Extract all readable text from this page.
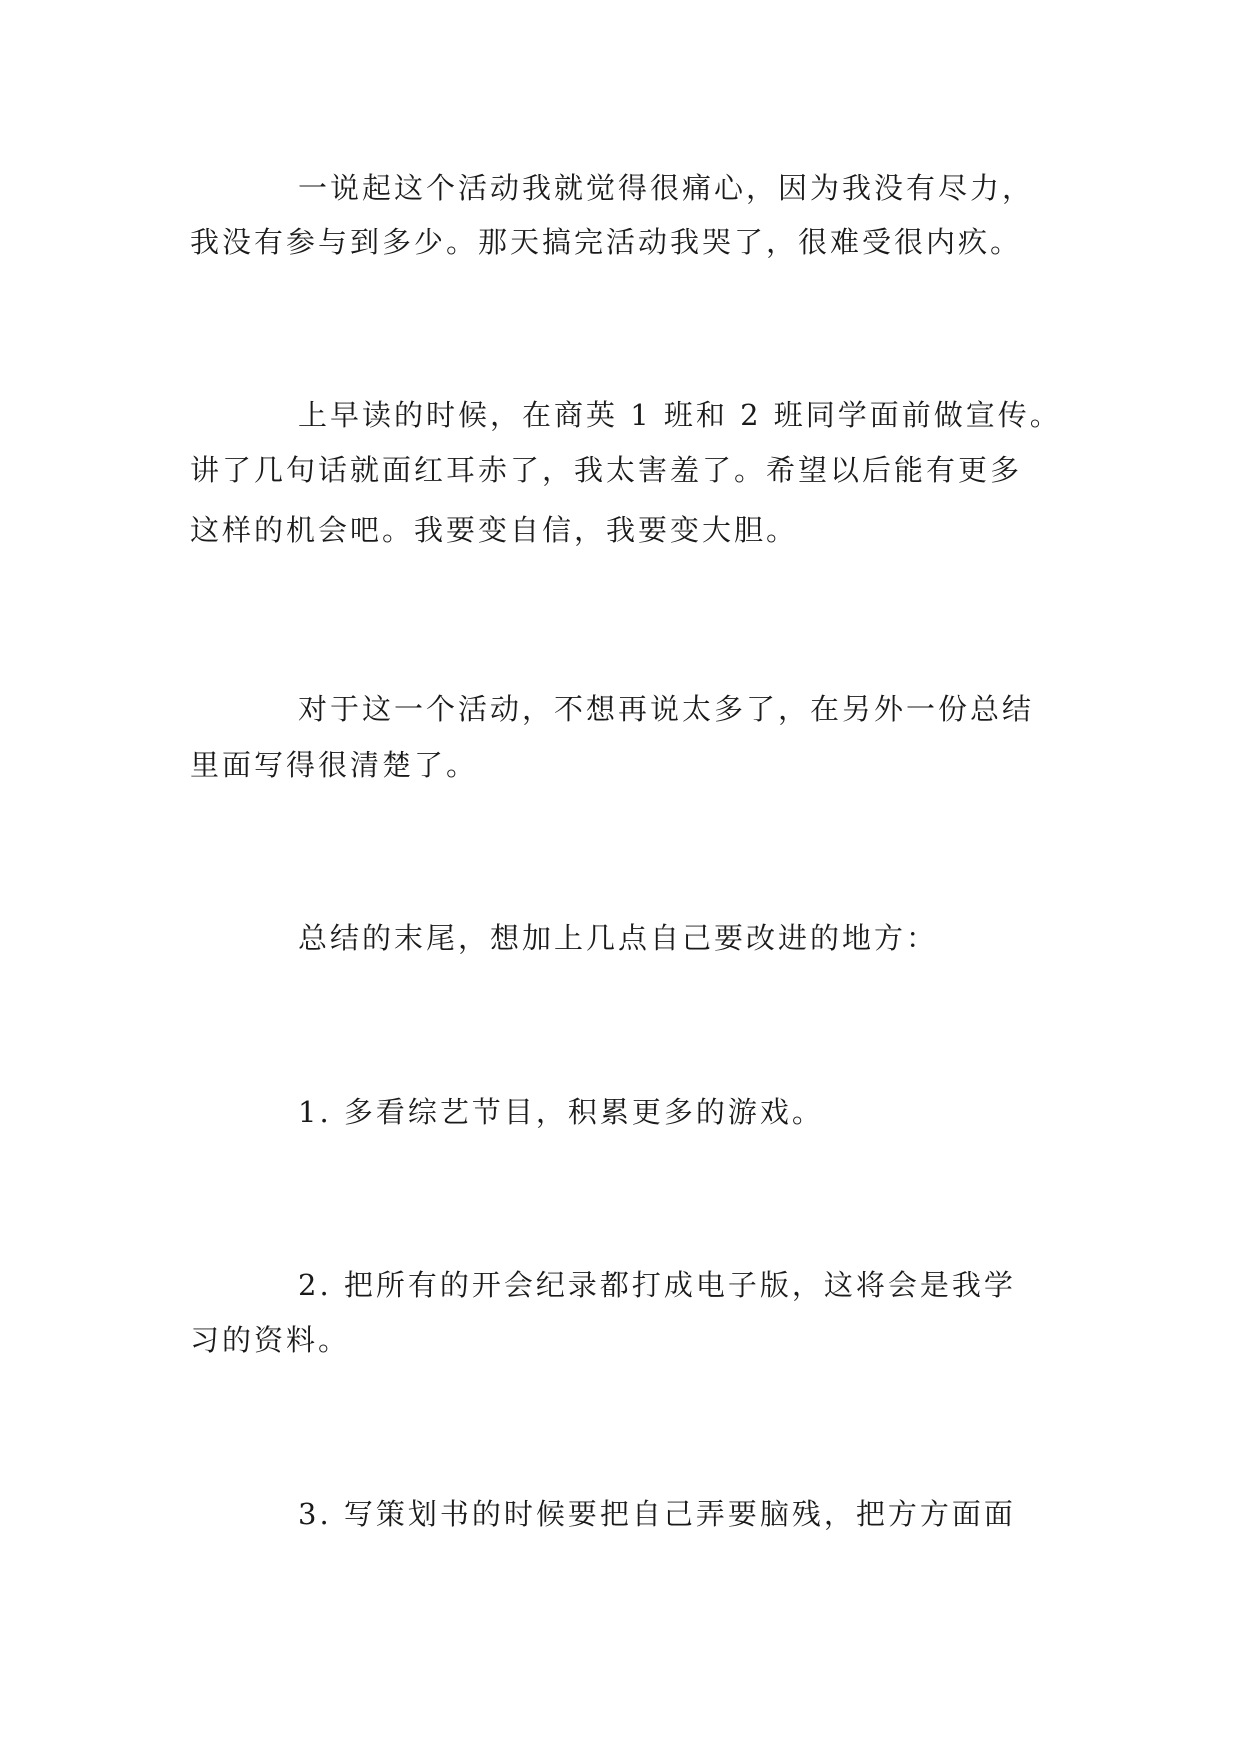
一说起这个活动我就觉得很痛心，因为我没有尽力，

我没有参与到多少。那天搞完活动我哭了，很难受很内疚。

上早读的时候，在商英 1 班和 2 班同学面前做宣传。

讲了几句话就面红耳赤了，我太害羞了。希望以后能有更多

这样的机会吧。我要变自信，我要变大胆。

对于这一个活动，不想再说太多了，在另外一份总结

里面写得很清楚了。

总结的末尾，想加上几点自己要改进的地方：

1. 多看综艺节目，积累更多的游戏。

2. 把所有的开会纪录都打成电子版，这将会是我学

习的资料。

3. 写策划书的时候要把自己弄要脑残，把方方面面
